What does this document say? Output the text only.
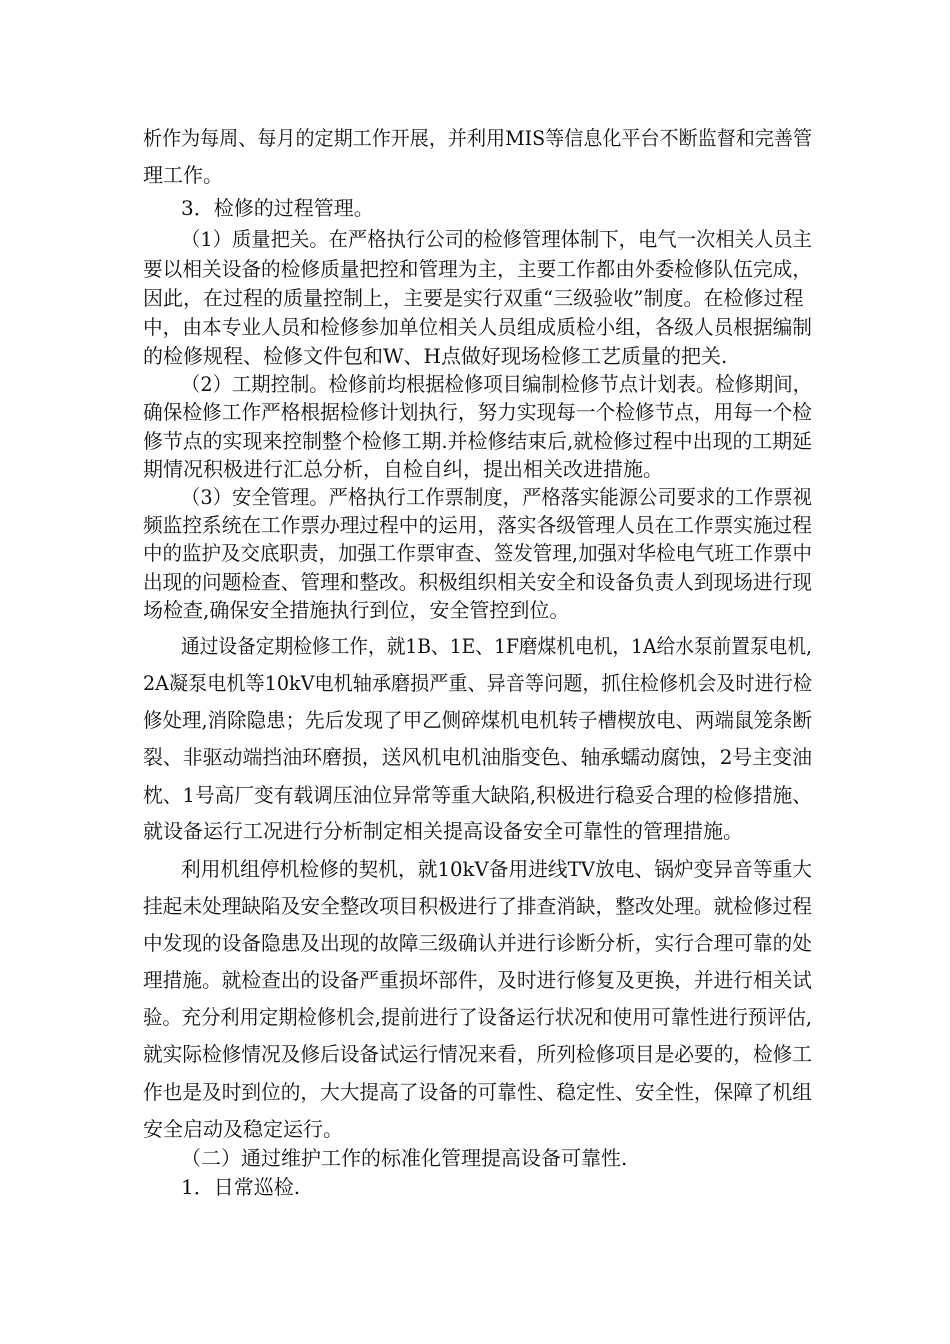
析作为每周、每月的定期工作开展，并利用MIS等信息化平台不断监督和完善管
理工作。
3．检修的过程管理。
（1）质量把关。在严格执行公司的检修管理体制下，电气一次相关人员主
要以相关设备的检修质量把控和管理为主，主要工作都由外委检修队伍完成，
因此，在过程的质量控制上，主要是实行双重“三级验收”制度。在检修过程
中，由本专业人员和检修参加单位相关人员组成质检小组，各级人员根据编制
的检修规程、检修文件包和W、H点做好现场检修工艺质量的把关.
（2）工期控制。检修前均根据检修项目编制检修节点计划表。检修期间，
确保检修工作严格根据检修计划执行，努力实现每一个检修节点，用每一个检
修节点的实现来控制整个检修工期.并检修结束后,就检修过程中出现的工期延
期情况积极进行汇总分析，自检自纠，提出相关改进措施。
（3）安全管理。严格执行工作票制度，严格落实能源公司要求的工作票视
频监控系统在工作票办理过程中的运用，落实各级管理人员在工作票实施过程
中的监护及交底职责，加强工作票审查、签发管理,加强对华检电气班工作票中
出现的问题检查、管理和整改。积极组织相关安全和设备负责人到现场进行现
场检查,确保安全措施执行到位，安全管控到位。
通过设备定期检修工作，就1B、1E、1F磨煤机电机，1A给水泵前置泵电机,
2A凝泵电机等10kV电机轴承磨损严重、异音等问题，抓住检修机会及时进行检
修处理,消除隐患；先后发现了甲乙侧碎煤机电机转子槽楔放电、两端鼠笼条断
裂、非驱动端挡油环磨损，送风机电机油脂变色、轴承蠕动腐蚀，2号主变油
枕、1号高厂变有载调压油位异常等重大缺陷,积极进行稳妥合理的检修措施、
就设备运行工况进行分析制定相关提高设备安全可靠性的管理措施。
利用机组停机检修的契机，就10kV备用进线TV放电、锅炉变异音等重大
挂起未处理缺陷及安全整改项目积极进行了排查消缺，整改处理。就检修过程
中发现的设备隐患及出现的故障三级确认并进行诊断分析，实行合理可靠的处
理措施。就检查出的设备严重损坏部件，及时进行修复及更换，并进行相关试
验。充分利用定期检修机会,提前进行了设备运行状况和使用可靠性进行预评估,
就实际检修情况及修后设备试运行情况来看，所列检修项目是必要的，检修工
作也是及时到位的，大大提高了设备的可靠性、稳定性、安全性，保障了机组
安全启动及稳定运行。
（二）通过维护工作的标准化管理提高设备可靠性.
1．日常巡检.
